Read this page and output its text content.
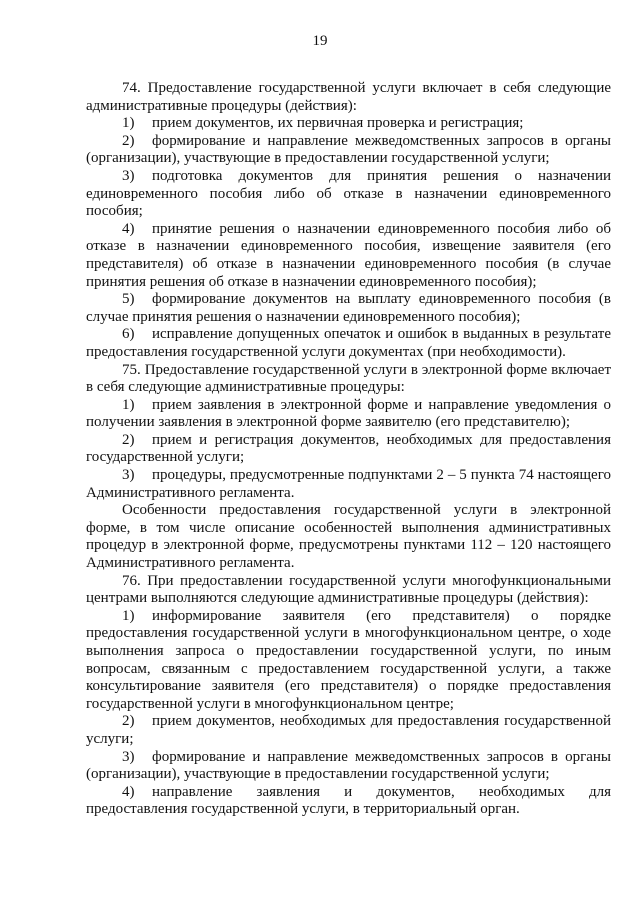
19

74. Предоставление государственной услуги включает в себя следующие административные процедуры (действия):

1) прием документов, их первичная проверка и регистрация;

2) формирование и направление межведомственных запросов в органы (организации), участвующие в предоставлении государственной услуги;

3) подготовка документов для принятия решения о назначении единовременного пособия либо об отказе в назначении единовременного пособия;

4) принятие решения о назначении единовременного пособия либо об отказе в назначении единовременного пособия, извещение заявителя (его представителя) об отказе в назначении единовременного пособия (в случае принятия решения об отказе в назначении единовременного пособия);

5) формирование документов на выплату единовременного пособия (в случае принятия решения о назначении единовременного пособия);

6) исправление допущенных опечаток и ошибок в выданных в результате предоставления государственной услуги документах (при необходимости).

75. Предоставление государственной услуги в электронной форме включает в себя следующие административные процедуры:

1) прием заявления в электронной форме и направление уведомления о получении заявления в электронной форме заявителю (его представителю);

2) прием и регистрация документов, необходимых для предоставления государственной услуги;

3) процедуры, предусмотренные подпунктами 2 – 5 пункта 74 настоящего Административного регламента.

Особенности предоставления государственной услуги в электронной форме, в том числе описание особенностей выполнения административных процедур в электронной форме, предусмотрены пунктами 112 – 120 настоящего Административного регламента.

76. При предоставлении государственной услуги многофункциональными центрами выполняются следующие административные процедуры (действия):

1) информирование заявителя (его представителя) о порядке предоставления государственной услуги в многофункциональном центре, о ходе выполнения запроса о предоставлении государственной услуги, по иным вопросам, связанным с предоставлением государственной услуги, а также консультирование заявителя (его представителя) о порядке предоставления государственной услуги в многофункциональном центре;

2) прием документов, необходимых для предоставления государственной услуги;

3) формирование и направление межведомственных запросов в органы (организации), участвующие в предоставлении государственной услуги;

4) направление заявления и документов, необходимых для предоставления государственной услуги, в территориальный орган.
